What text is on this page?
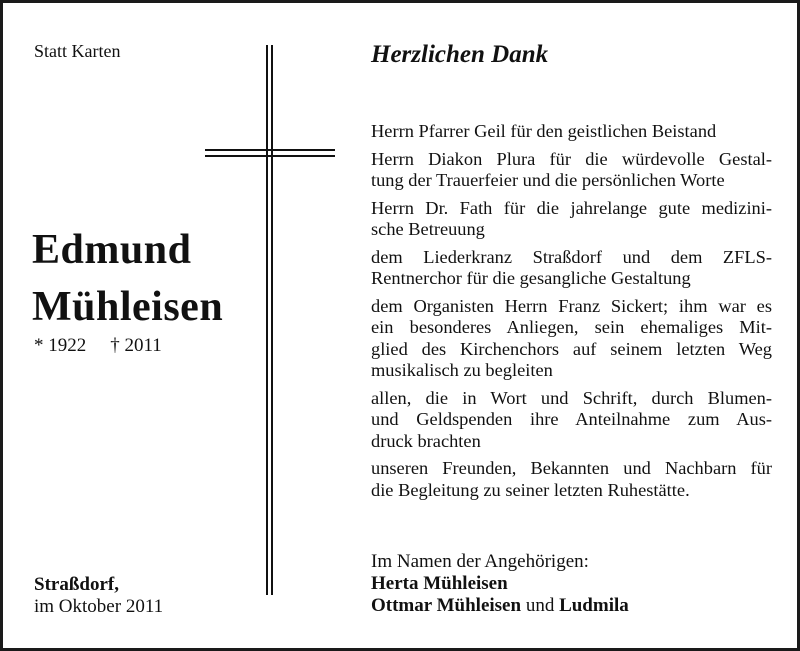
Statt Karten
Edmund
Mühleisen
* 1922 † 2011
Straßdorf,
im Oktober 2011
Herzlichen Dank
Herrn Pfarrer Geil für den geistlichen Beistand
Herrn Diakon Plura für die würdevolle Gestal-
tung der Trauerfeier und die persönlichen Worte
Herrn Dr. Fath für die jahrelange gute medizini-
sche Betreuung
dem Liederkranz Straßdorf und dem ZFLS-
Rentnerchor für die gesangliche Gestaltung
dem Organisten Herrn Franz Sickert; ihm war es
ein besonderes Anliegen, sein ehemaliges Mit-
glied des Kirchenchors auf seinem letzten Weg
musikalisch zu begleiten
allen, die in Wort und Schrift, durch Blumen-
und Geldspenden ihre Anteilnahme zum Aus-
druck brachten
unseren Freunden, Bekannten und Nachbarn für
die Begleitung zu seiner letzten Ruhestätte.
Im Namen der Angehörigen:
Herta Mühleisen
Ottmar Mühleisen und Ludmila
